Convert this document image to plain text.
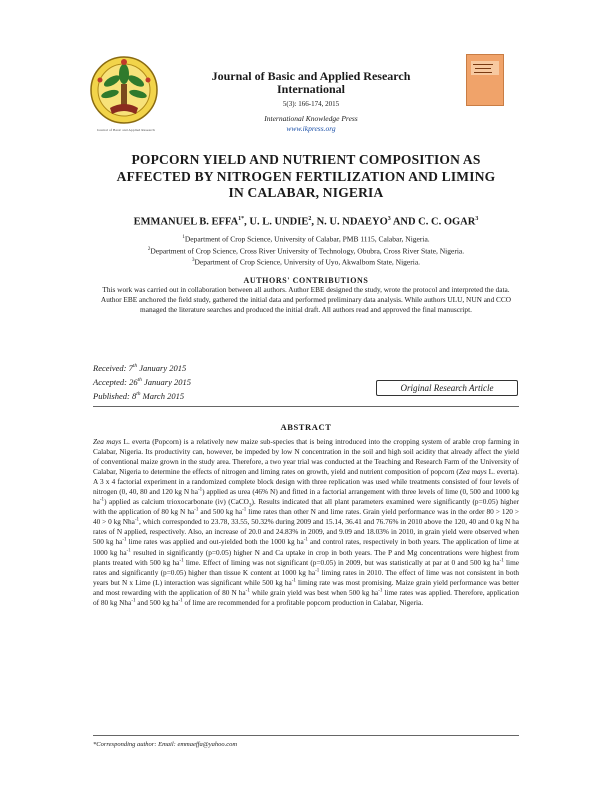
Journal of Basic and Applied Research
Journal of Basic and Applied Research
International
5(3): 166-174, 2015
International Knowledge Press
www.ikpress.org
POPCORN YIELD AND NUTRIENT COMPOSITION AS
AFFECTED BY NITROGEN FERTILIZATION AND LIMING
IN CALABAR, NIGERIA
EMMANUEL B. $EFFA^{1*}$, U. L. UNDIE$^2$, N. U. NDAEYO$^3$ AND C. C. OGAR$^3$
$^1$Department of Crop Science, University of Calabar, PMB 1115, Calabar, Nigeria.
$^2$Department of Crop Science, Cross River University of Technology, Obubra, Cross River State, Nigeria.
$^3$Department of Crop Science, University of Uyo, Akwalbom State, Nigeria.
AUTHORS' CONTRIBUTIONS
This work was carried out in collaboration between all authors. Author EBE designed the study, wrote the protocol and interpreted the data. Author EBE anchored the field study, gathered the initial data and performed preliminary data analysis. While authors ULU, NUN and CCO managed the literature searches and produced the initial draft. All authors read and approved the final manuscript.
Received: 7th January 2015
Accepted: 26th January 2015
Published: 8th March 2015
Original Research Article
ABSTRACT
Zea mays L. everta (Popcorn) is a relatively new maize sub-species that is being introduced into the cropping system of arable crop farming in Calabar, Nigeria. Its productivity can, however, be impeded by low N concentration in the soil and high soil acidity that already affect the yield of conventional maize grown in the study area. Therefore, a two year trial was conducted at the Teaching and Research Farm of the University of Calabar, Nigeria to determine the effects of nitrogen and liming rates on growth, yield and nutrient composition of popcorn (Zea mays L. everta). A 3 x 4 factorial experiment in a randomized complete block design with three replication was used while treatments consisted of four levels of nitrogen (0, 40, 80 and 120 kg N $ha^{-1}$) applied as urea (46% N) and fitted in a factorial arrangement with three levels of lime (0, 500 and 1000 kg $ha^{-1}$) applied as calcium trioxocarbonate (iv) (CaCO$_3$). Results indicated that all plant parameters examined were significantly (p=0.05) higher with the application of 80 kg N $ha^{-1}$ and 500 kg $ha^{-1}$ lime rates than other N and lime rates. Grain yield performance was in the order 80 > 120 > 40 > 0 kg Nha$^{-1}$, which corresponded to 23.78, 33.55, 50.32% during 2009 and 15.14, 36.41 and 76.76% in 2010 above the 120, 40 and 0 kg N ha rates of N applied, respectively. Also, an increase of 20.0 and 24.83% in 2009, and 9.09 and 18.03% in 2010, in grain yield were observed when 500 kg $ha^{-1}$ lime rates was applied and out-yielded both the 1000 kg $ha^{-1}$ and control rates, respectively in both years. The application of lime at 1000 kg $ha^{-1}$ resulted in significantly (p=0.05) higher N and Ca uptake in crop in both years. The P and Mg concentrations were highest from plants treated with 500 kg $ha^{-1}$ lime. Effect of liming was not significant (p=0.05) in 2009, but was statistically at par at 0 and 500 kg $ha^{-1}$ lime rates and significantly (p=0.05) higher than tissue K content at 1000 kg $ha^{-1}$ liming rates in 2010. The effect of lime was not consistent in both years but N x Lime (L) interaction was significant while 500 kg $ha^{-1}$ liming rate was most promising. Maize grain yield performance was better and most rewarding with the application of 80 N $ha^{-1}$ while grain yield was best when 500 kg $ha^{-1}$ lime rates was applied. Therefore, application of 80 kg Nha$^{-1}$ and 500 kg $ha^{-1}$ of lime are recommended for a profitable popcorn production in Calabar, Nigeria.
*Corresponding author: Email: emmaeffa@yahoo.com
